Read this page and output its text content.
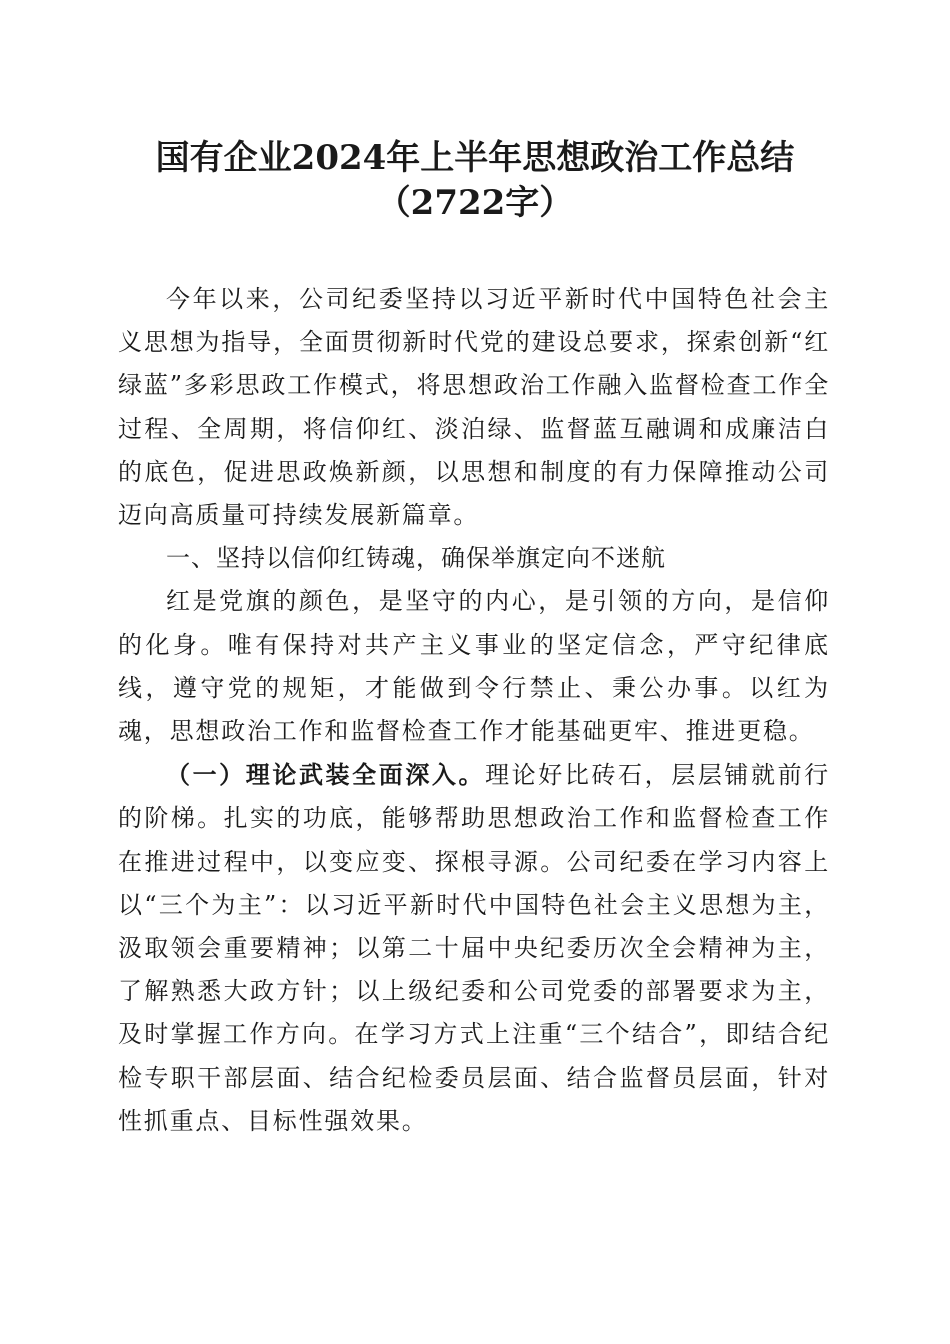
国有企业2024年上半年思想政治工作总结
（2722字）

今年以来，公司纪委坚持以习近平新时代中国特色社会主义思想为指导，全面贯彻新时代党的建设总要求，探索创新“红绿蓝”多彩思政工作模式，将思想政治工作融入监督检查工作全过程、全周期，将信仰红、淡泊绿、监督蓝互融调和成廉洁白的底色，促进思政焕新颜，以思想和制度的有力保障推动公司迈向高质量可持续发展新篇章。

一、坚持以信仰红铸魂，确保举旗定向不迷航

红是党旗的颜色，是坚守的内心，是引领的方向，是信仰的化身。唯有保持对共产主义事业的坚定信念，严守纪律底线，遵守党的规矩，才能做到令行禁止、秉公办事。以红为魂，思想政治工作和监督检查工作才能基础更牢、推进更稳。

（一）理论武装全面深入。理论好比砖石，层层铺就前行的阶梯。扎实的功底，能够帮助思想政治工作和监督检查工作在推进过程中，以变应变、探根寻源。公司纪委在学习内容上以“三个为主”：以习近平新时代中国特色社会主义思想为主，汲取领会重要精神；以第二十届中央纪委历次全会精神为主，了解熟悉大政方针；以上级纪委和公司党委的部署要求为主，及时掌握工作方向。在学习方式上注重“三个结合”，即结合纪检专职干部层面、结合纪检委员层面、结合监督员层面，针对性抓重点、目标性强效果。
